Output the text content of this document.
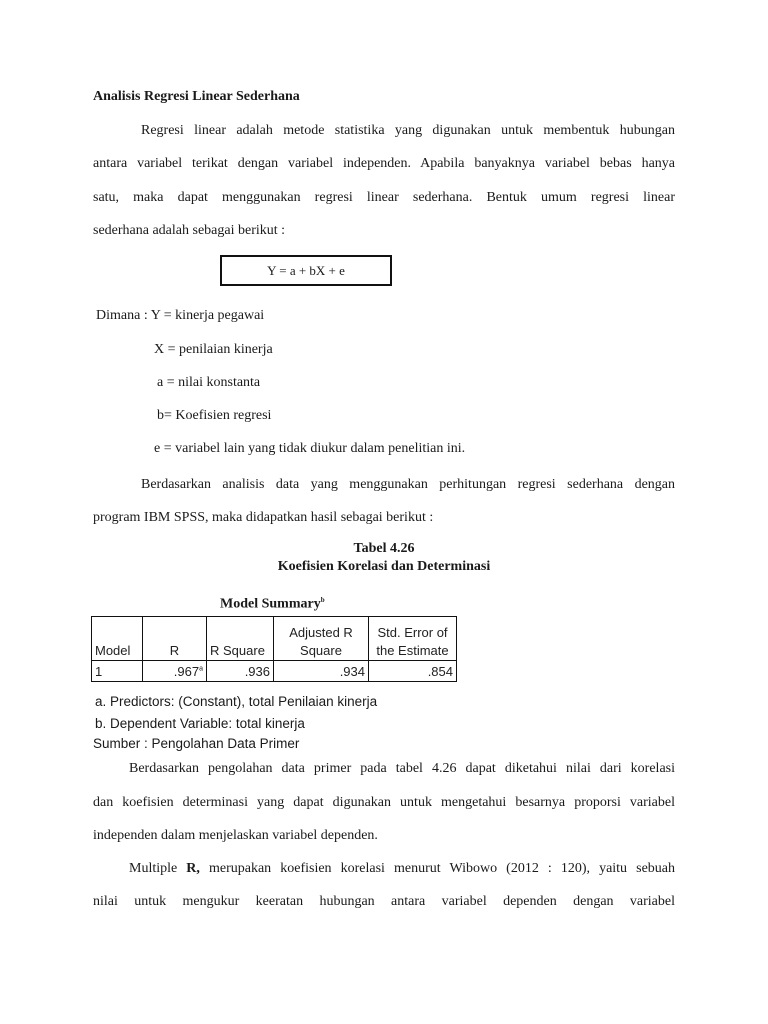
Analisis Regresi Linear Sederhana
Regresi linear adalah metode statistika yang digunakan untuk membentuk hubungan
antara variabel terikat dengan variabel independen. Apabila banyaknya variabel bebas hanya
satu, maka dapat menggunakan regresi linear sederhana. Bentuk umum regresi linear
sederhana adalah sebagai berikut :
Y = a + bX + e
Dimana : Y = kinerja pegawai
X = penilaian kinerja
a = nilai konstanta
b= Koefisien regresi
e = variabel lain yang tidak diukur dalam penelitian ini.
Berdasarkan analisis data yang menggunakan perhitungan regresi sederhana dengan
program IBM SPSS, maka didapatkan hasil sebagai berikut :
Tabel 4.26
Koefisien Korelasi dan Determinasi
Model Summary$^b$
Model	R	R Square	Adjusted R Square	Std. Error of the Estimate
1	.967$^a$	.936	.934	.854
a. Predictors: (Constant), total Penilaian kinerja
b. Dependent Variable: total kinerja
Sumber : Pengolahan Data Primer
Berdasarkan pengolahan data primer pada tabel 4.26 dapat diketahui nilai dari korelasi
dan koefisien determinasi yang dapat digunakan untuk mengetahui besarnya proporsi variabel
independen dalam menjelaskan variabel dependen.
Multiple R, merupakan koefisien korelasi menurut Wibowo (2012 : 120), yaitu sebuah
nilai untuk mengukur keeratan hubungan antara variabel dependen dengan variabel
